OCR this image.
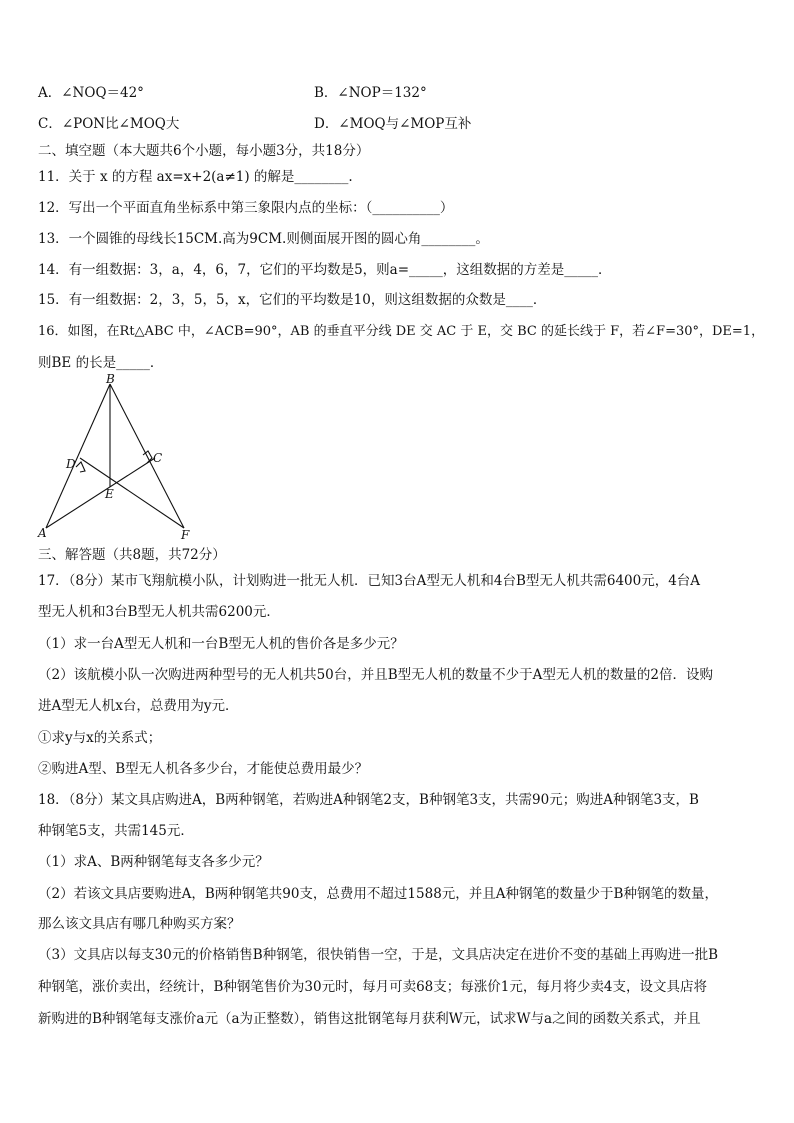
A．∠NOQ＝42°	B．∠NOP＝132°
C．∠PON比∠MOQ大	D．∠MOQ与∠MOP互补
二、填空题（本大题共6个小题，每小题3分，共18分）
11．关于 x 的方程 ax=x+2(a≠1) 的解是________.
12．写出一个平面直角坐标系中第三象限内点的坐标：（__________）
13．一个圆锥的母线长15CM.高为9CM.则侧面展开图的圆心角________。
14．有一组数据：3，a，4，6，7，它们的平均数是5，则a=_____，这组数据的方差是_____．
15．有一组数据：2，3，5，5，x，它们的平均数是10，则这组数据的众数是____．
16．如图，在Rt△ABC 中，∠ACB=90°，AB 的垂直平分线 DE 交 AC 于 E，交 BC 的延长线于 F，若∠F=30°，DE=1，
则BE 的长是_____．
B
D	C
E
A	F
三、解答题（共8题，共72分）
17．（8分）某市飞翔航模小队，计划购进一批无人机．已知3台A型无人机和4台B型无人机共需6400元，4台A
型无人机和3台B型无人机共需6200元．
（1）求一台A型无人机和一台B型无人机的售价各是多少元？
（2）该航模小队一次购进两种型号的无人机共50台，并且B型无人机的数量不少于A型无人机的数量的2倍．设购
进A型无人机x台，总费用为y元．
①求y与x的关系式；
②购进A型、B型无人机各多少台，才能使总费用最少？
18．（8分）某文具店购进A，B两种钢笔，若购进A种钢笔2支，B种钢笔3支，共需90元；购进A种钢笔3支，B
种钢笔5支，共需145元．
（1）求A、B两种钢笔每支各多少元？
（2）若该文具店要购进A，B两种钢笔共90支，总费用不超过1588元，并且A种钢笔的数量少于B种钢笔的数量，
那么该文具店有哪几种购买方案？
（3）文具店以每支30元的价格销售B种钢笔，很快销售一空，于是，文具店决定在进价不变的基础上再购进一批B
种钢笔，涨价卖出，经统计，B种钢笔售价为30元时，每月可卖68支；每涨价1元，每月将少卖4支，设文具店将
新购进的B种钢笔每支涨价a元（a为正整数），销售这批钢笔每月获利W元，试求W与a之间的函数关系式，并且
